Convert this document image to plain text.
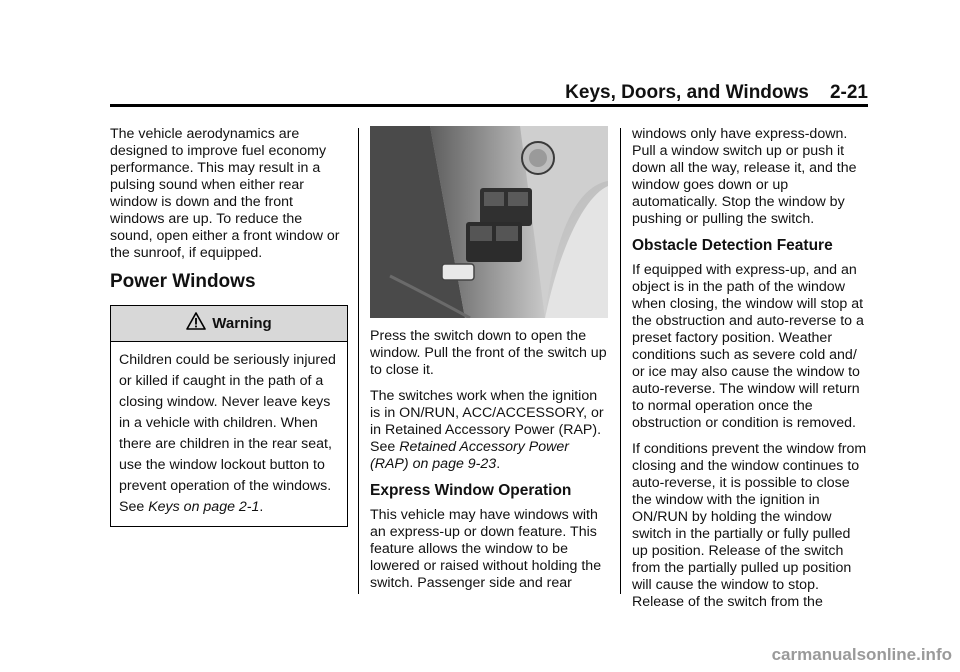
Keys, Doors, and Windows    2-21

The vehicle aerodynamics are designed to improve fuel economy performance. This may result in a pulsing sound when either rear window is down and the front windows are up. To reduce the sound, open either a front window or the sunroof, if equipped.

Power Windows
Warning

Children could be seriously injured or killed if caught in the path of a closing window. Never leave keys in a vehicle with children. When there are children in the rear seat, use the window lockout button to prevent operation of the windows. See Keys on page 2-1.

Press the switch down to open the window. Pull the front of the switch up to close it.

The switches work when the ignition is in ON/RUN, ACC/ACCESSORY, or in Retained Accessory Power (RAP). See Retained Accessory Power (RAP) on page 9-23.

Express Window Operation

This vehicle may have windows with an express-up or down feature. This feature allows the window to be lowered or raised without holding the switch. Passenger side and rear

windows only have express-down. Pull a window switch up or push it down all the way, release it, and the window goes down or up automatically. Stop the window by pushing or pulling the switch.

Obstacle Detection Feature

If equipped with express-up, and an object is in the path of the window when closing, the window will stop at the obstruction and auto-reverse to a preset factory position. Weather conditions such as severe cold and/ or ice may also cause the window to auto-reverse. The window will return to normal operation once the obstruction or condition is removed.

If conditions prevent the window from closing and the window continues to auto-reverse, it is possible to close the window with the ignition in ON/RUN by holding the window switch in the partially or fully pulled up position. Release of the switch from the partially pulled up position will cause the window to stop. Release of the switch from the

carmanualsonline.info
